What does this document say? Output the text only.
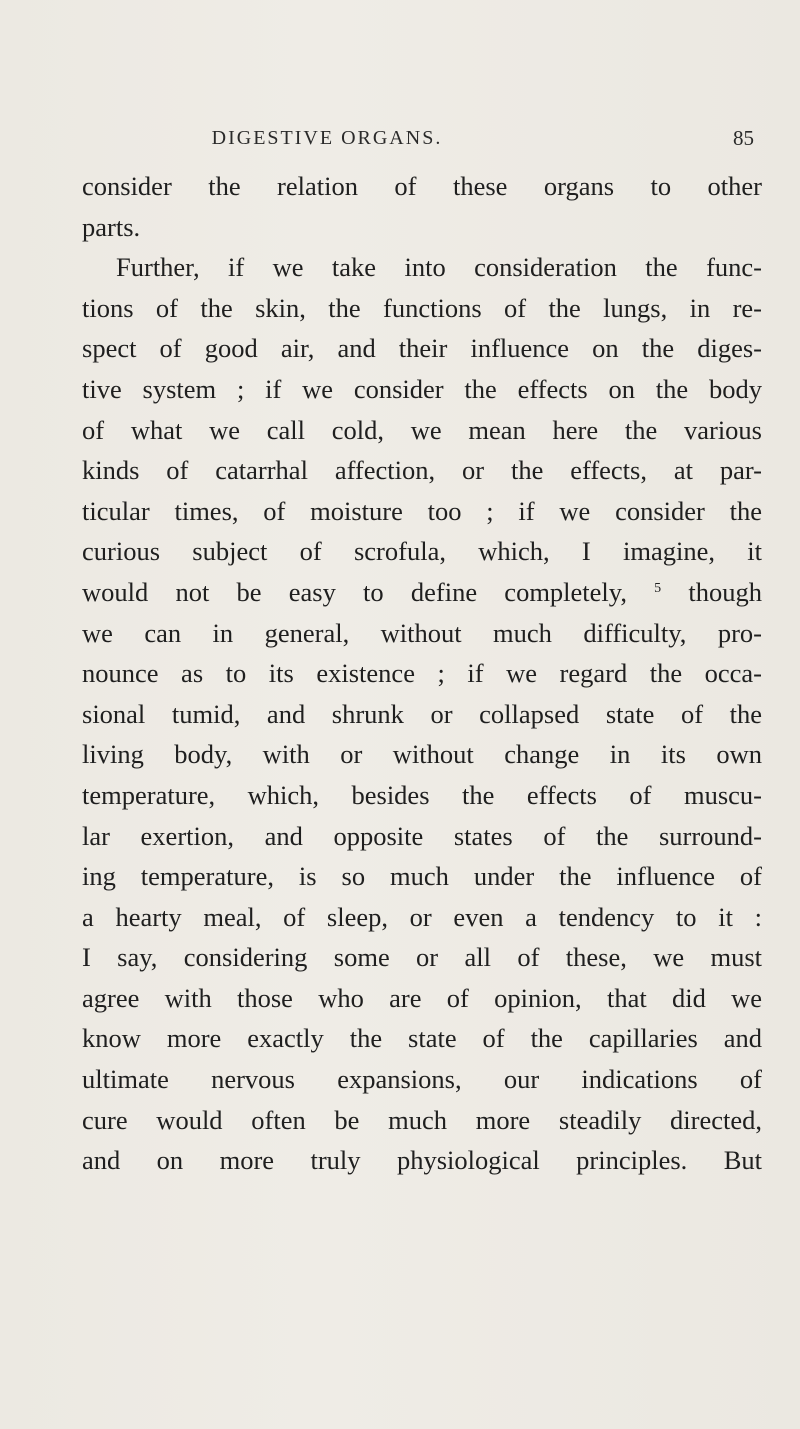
DIGESTIVE ORGANS.	85
consider the relation of these organs to other
parts.
Further, if we take into consideration the func-
tions of the skin, the functions of the lungs, in re-
spect of good air, and their influence on the diges-
tive system ; if we consider the effects on the body
of what we call cold, we mean here the various
kinds of catarrhal affection, or the effects, at par-
ticular times, of moisture too ; if we consider the
curious subject of scrofula, which, I imagine, it
would not be easy to define completely, $^5$ though
we can in general, without much difficulty, pro-
nounce as to its existence ; if we regard the occa-
sional tumid, and shrunk or collapsed state of the
living body, with or without change in its own
temperature, which, besides the effects of muscu-
lar exertion, and opposite states of the surround-
ing temperature, is so much under the influence of
a hearty meal, of sleep, or even a tendency to it :
I say, considering some or all of these, we must
agree with those who are of opinion, that did we
know more exactly the state of the capillaries and
ultimate nervous expansions, our indications of
cure would often be much more steadily directed,
and on more truly physiological principles. But
